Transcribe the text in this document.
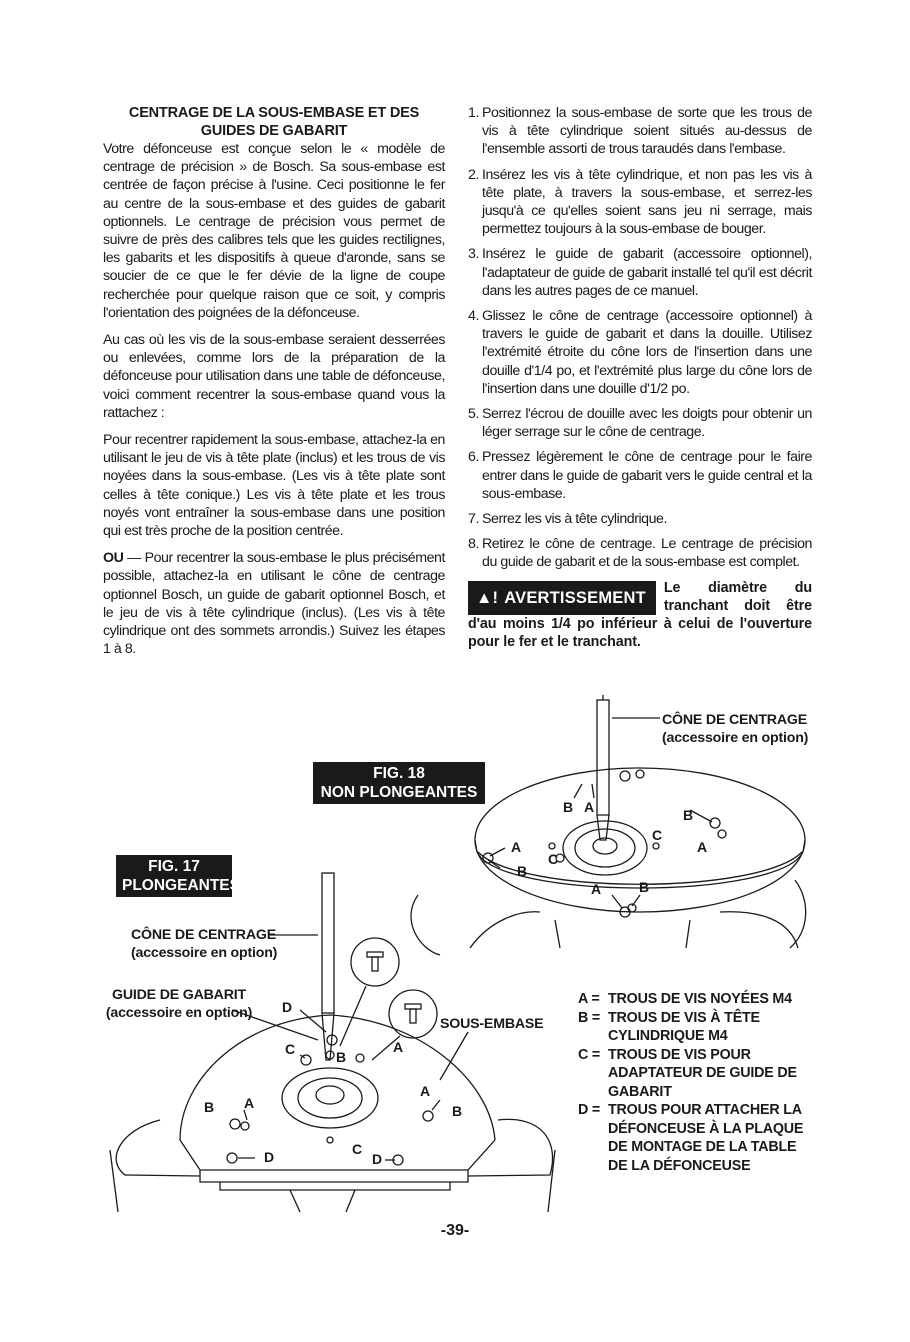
CENTRAGE DE LA SOUS-EMBASE ET DES
GUIDES DE GABARIT

Votre défonceuse est conçue selon le « modèle de centrage de précision » de Bosch. Sa sous-embase est centrée de façon précise à l'usine. Ceci positionne le fer au centre de la sous-embase et des guides de gabarit optionnels. Le centrage de précision vous permet de suivre de près des calibres tels que les guides rectilignes, les gabarits et les dispositifs à queue d'aronde, sans se soucier de ce que le fer dévie de la ligne de coupe recherchée pour quelque raison que ce soit, y compris l'orientation des poignées de la défonceuse.

Au cas où les vis de la sous-embase seraient desserrées ou enlevées, comme lors de la préparation de la défonceuse pour utilisation dans une table de défonceuse, voici comment recentrer la sous-embase quand vous la rattachez :

Pour recentrer rapidement la sous-embase, attachez-la en utilisant le jeu de vis à tête plate (inclus) et les trous de vis noyées dans la sous-embase. (Les vis à tête plate sont celles à tête conique.) Les vis à tête plate et les trous noyés vont entraîner la sous-embase dans une position qui est très proche de la position centrée.

OU — Pour recentrer la sous-embase le plus précisément possible, attachez-la en utilisant le cône de centrage optionnel Bosch, un guide de gabarit optionnel Bosch, et le jeu de vis à tête cylindrique (inclus). (Les vis à tête cylindrique ont des sommets arrondis.) Suivez les étapes 1 à 8.

1. Positionnez la sous-embase de sorte que les trous de vis à tête cylindrique soient situés au-dessus de l'ensemble assorti de trous taraudés dans l'embase.
2. Insérez les vis à tête cylindrique, et non pas les vis à tête plate, à travers la sous-embase, et serrez-les jusqu'à ce qu'elles soient sans jeu ni serrage, mais permettez toujours à la sous-embase de bouger.
3. Insérez le guide de gabarit (accessoire optionnel), l'adaptateur de guide de gabarit installé tel qu'il est décrit dans les autres pages de ce manuel.
4. Glissez le cône de centrage (accessoire optionnel) à travers le guide de gabarit et dans la douille. Utilisez l'extrémité étroite du cône lors de l'insertion dans une douille d'1/4 po, et l'extrémité plus large du cône lors de l'insertion dans une douille d'1/2 po.
5. Serrez l'écrou de douille avec les doigts pour obtenir un léger serrage sur le cône de centrage.
6. Pressez légèrement le cône de centrage pour le faire entrer dans le guide de gabarit vers le guide central et la sous-embase.
7. Serrez les vis à tête cylindrique.
8. Retirez le cône de centrage. Le centrage de précision du guide de gabarit et de la sous-embase est complet.
▲! AVERTISSEMENT
Le diamètre du tranchant doit être d'au moins 1/4 po inférieur à celui de l'ouverture pour le fer et le tranchant.
B A	B
C
A
A
C
B
A	B
D
C	B
A
B A
A
B
D	C
D
FIG. 18
NON PLONGEANTES
FIG. 17
PLONGEANTES
CÔNE DE CENTRAGE
(accessoire en option)
CÔNE DE CENTRAGE
(accessoire en option)
GUIDE DE GABARIT
(accessoire en option)
SOUS-EMBASE
A = TROUS DE VIS NOYÉES M4
B = TROUS DE VIS À TÊTE CYLINDRIQUE M4
C = TROUS DE VIS POUR ADAPTATEUR DE GUIDE DE GABARIT
D = TROUS POUR ATTACHER LA DÉFONCEUSE À LA PLAQUE DE MONTAGE DE LA TABLE DE LA DÉFONCEUSE
-39-
